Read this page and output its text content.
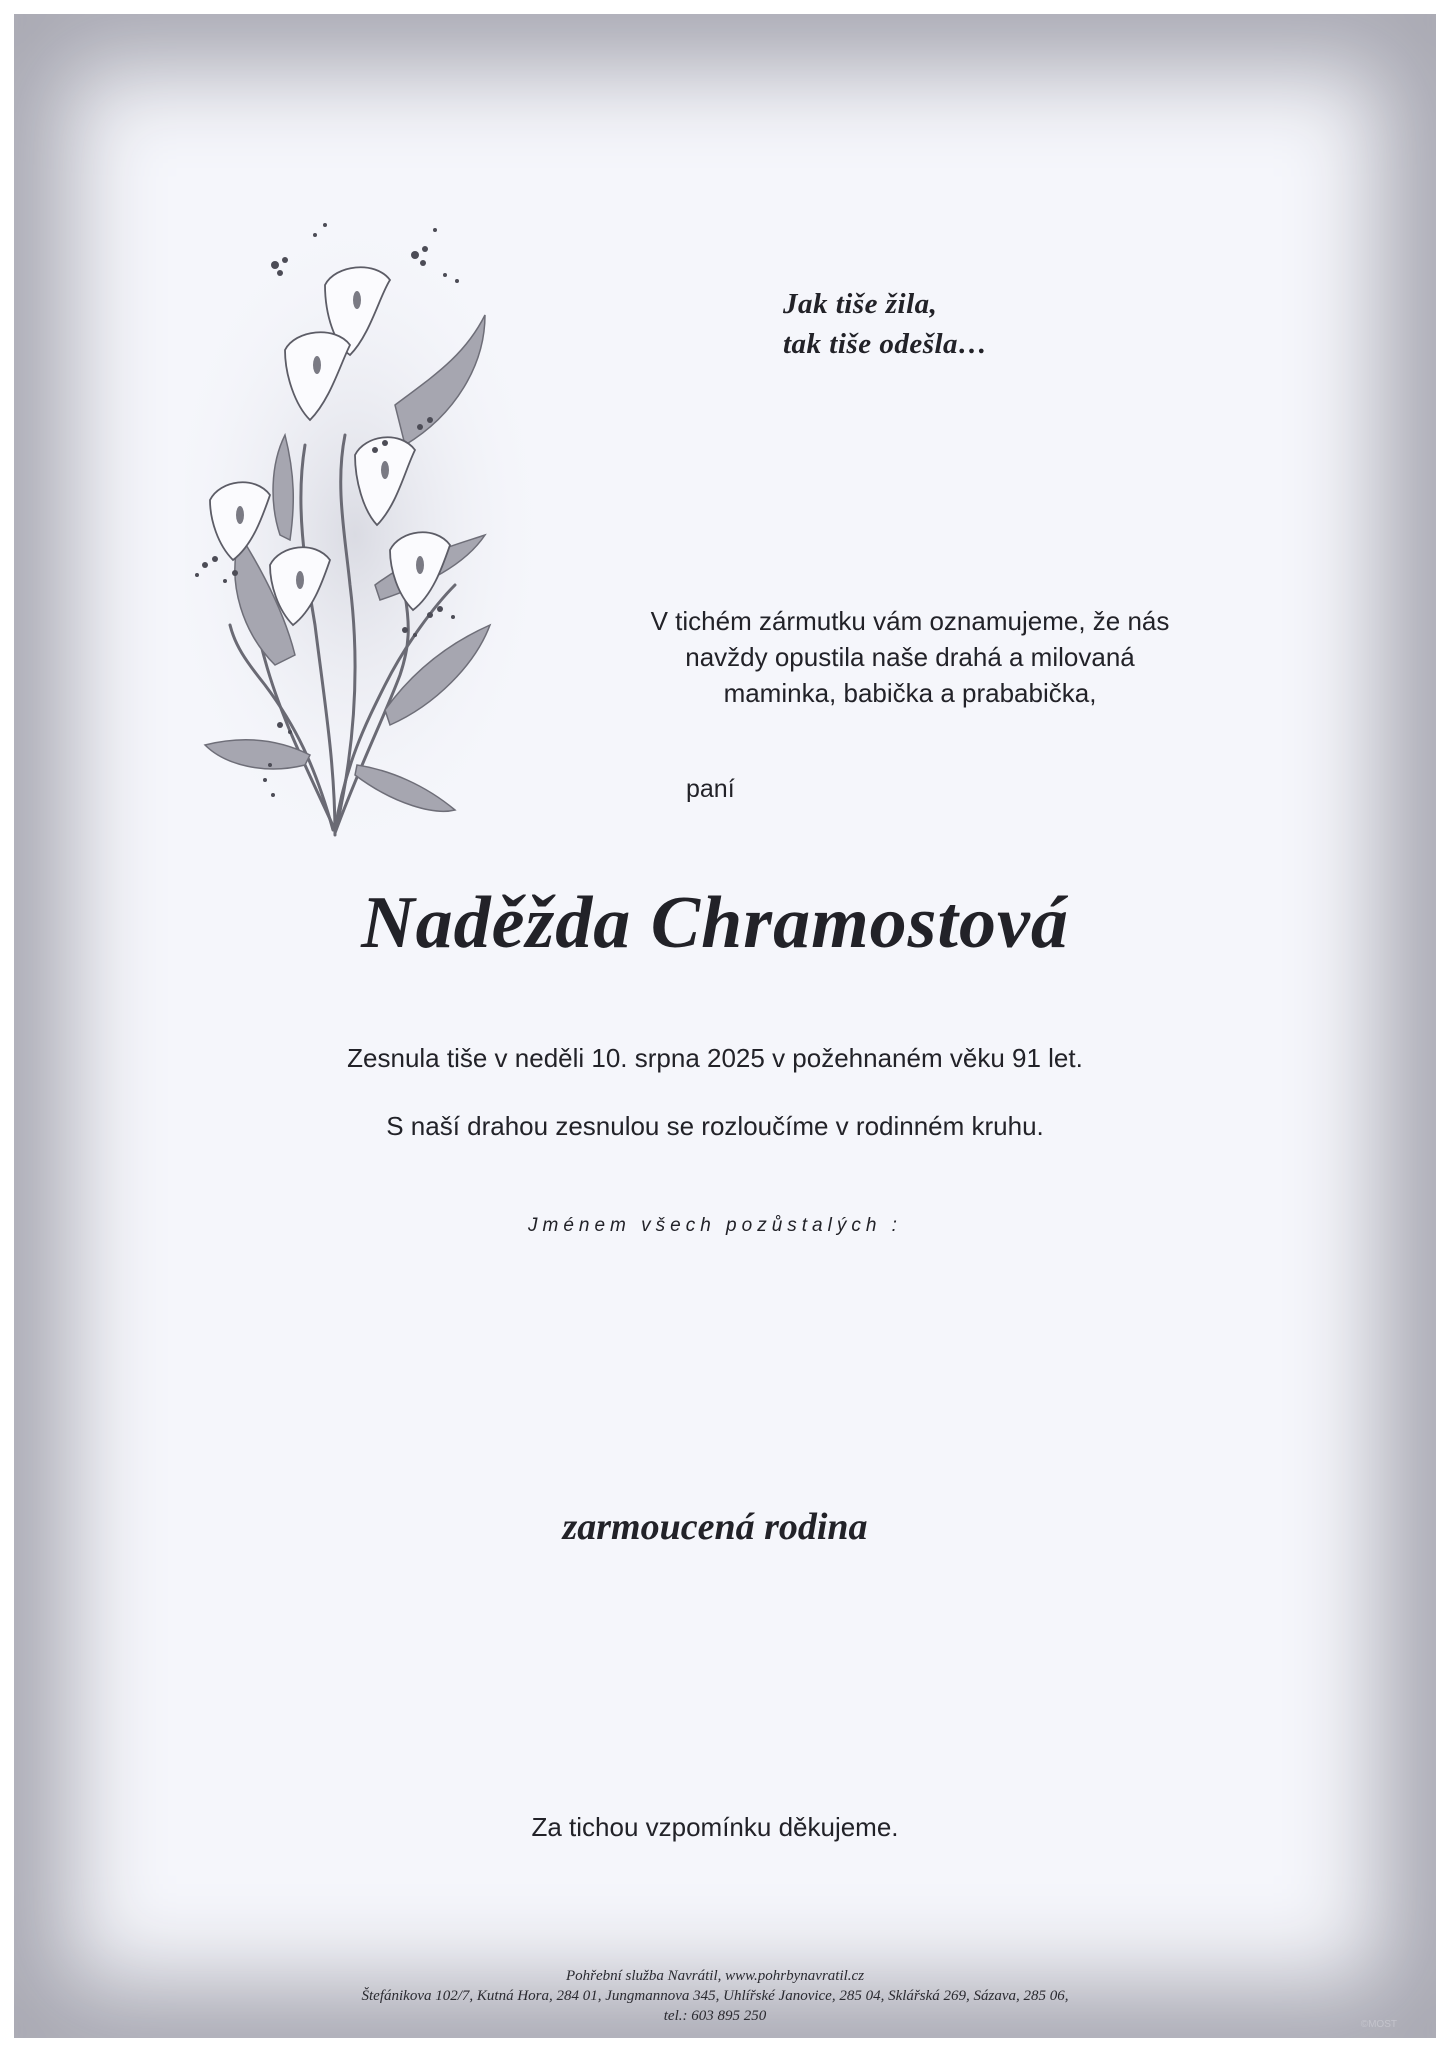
Jak tiše žila,
tak tiše odešla…
V tichém zármutku vám oznamujeme, že nás
navždy opustila naše drahá a milovaná
maminka, babička a prababička,
paní
Naděžda Chramostová
Zesnula tiše v neděli 10. srpna 2025 v požehnaném věku 91 let.
S naší drahou zesnulou se rozloučíme v rodinném kruhu.
Jménem všech pozůstalých :
zarmoucená rodina
Za tichou vzpomínku děkujeme.
Pohřební služba Navrátil, www.pohrbynavratil.cz
Štefánikova 102/7, Kutná Hora, 284 01, Jungmannova 345, Uhlířské Janovice, 285 04, Sklářská 269, Sázava, 285 06,
tel.: 603 895 250
©MOST
